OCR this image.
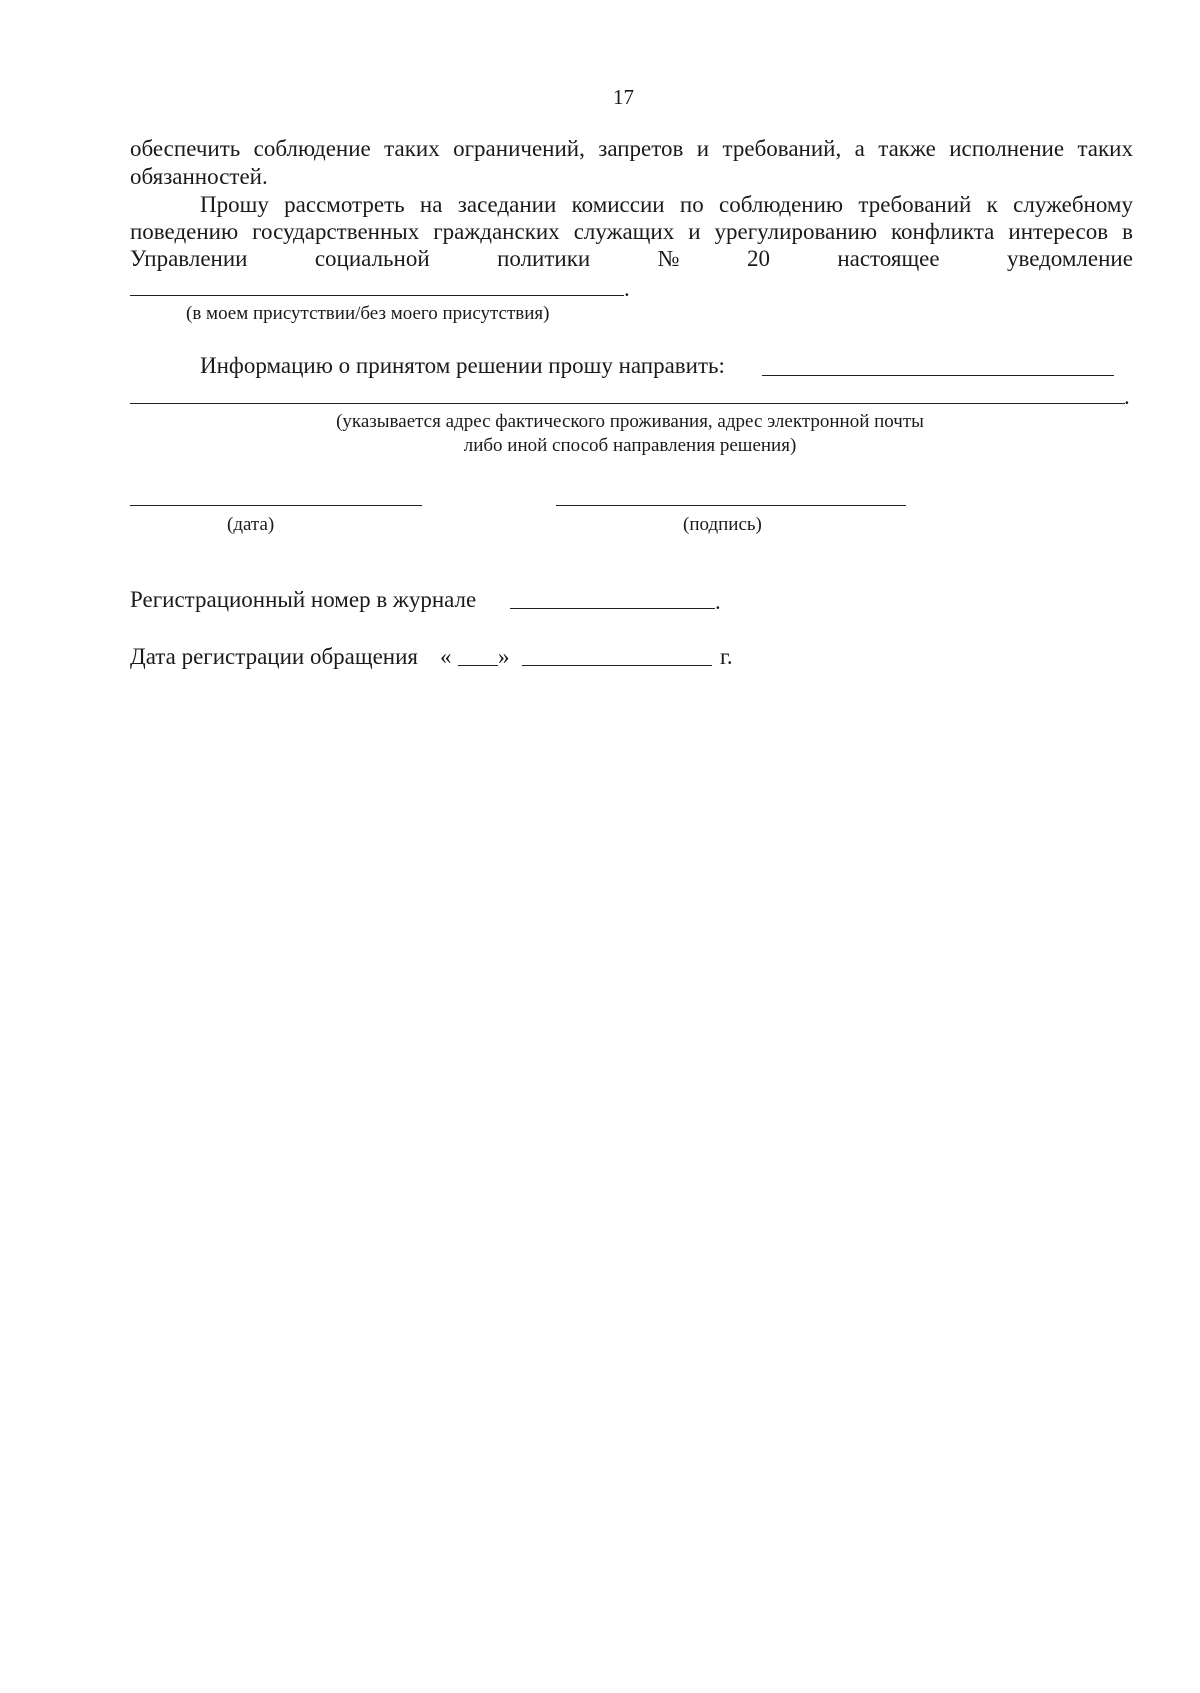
17
обеспечить соблюдение таких ограничений, запретов и требований, а также исполнение таких
обязанностей.
Прошу рассмотреть на заседании комиссии по соблюдению требований к служебному
поведению государственных гражданских служащих и урегулированию конфликта интересов в
Управлении	социальной	политики	№	20	настоящее	уведомление
.
(в моем присутствии/без моего присутствия)
Информацию о принятом решении прошу направить:
.
(указывается адрес фактического проживания, адрес электронной почты
либо иной способ направления решения)
(дата)	(подпись)
Регистрационный номер в журнале	.
Дата регистрации обращения « »	г.
